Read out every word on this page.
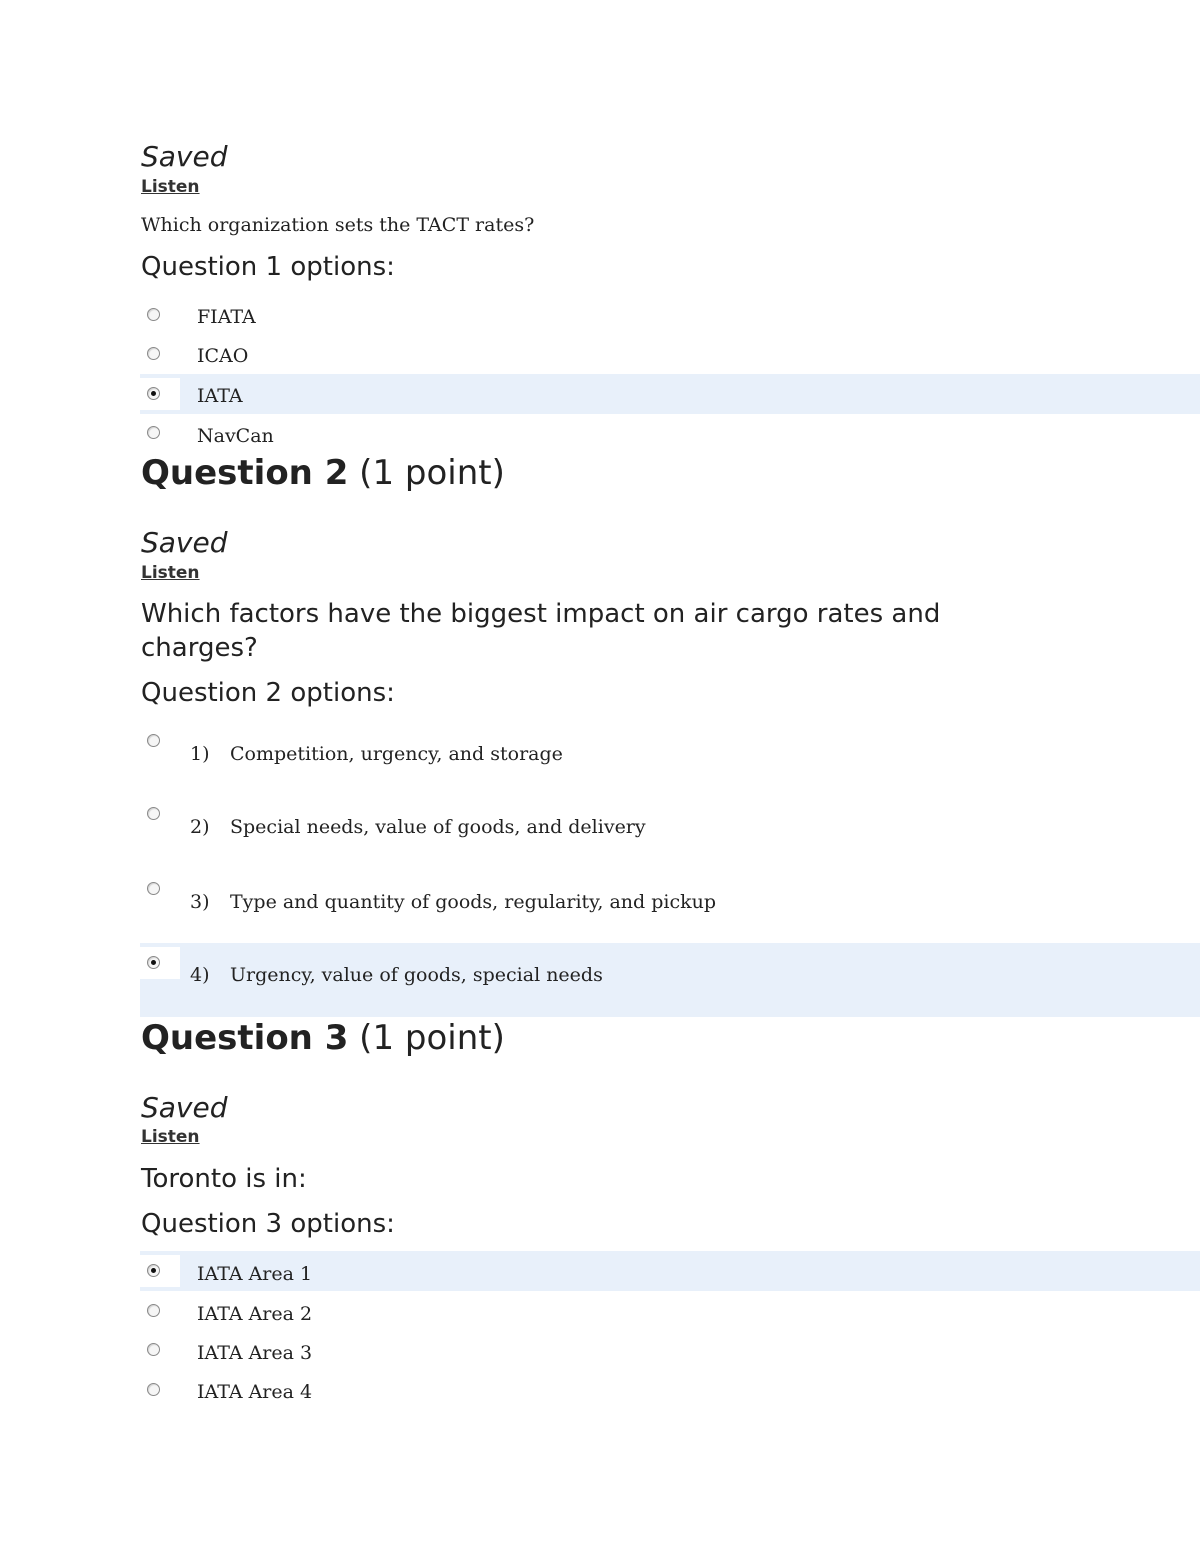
Saved
Listen
Which organization sets the TACT rates?
Question 1 options:
FIATA
ICAO
IATA
NavCan
Question 2 (1 point)
Saved
Listen
Which factors have the biggest impact on air cargo rates and charges?
Question 2 options:
1) Competition, urgency, and storage
2) Special needs, value of goods, and delivery
3) Type and quantity of goods, regularity, and pickup
4) Urgency, value of goods, special needs
Question 3 (1 point)
Saved
Listen
Toronto is in:
Question 3 options:
IATA Area 1
IATA Area 2
IATA Area 3
IATA Area 4
